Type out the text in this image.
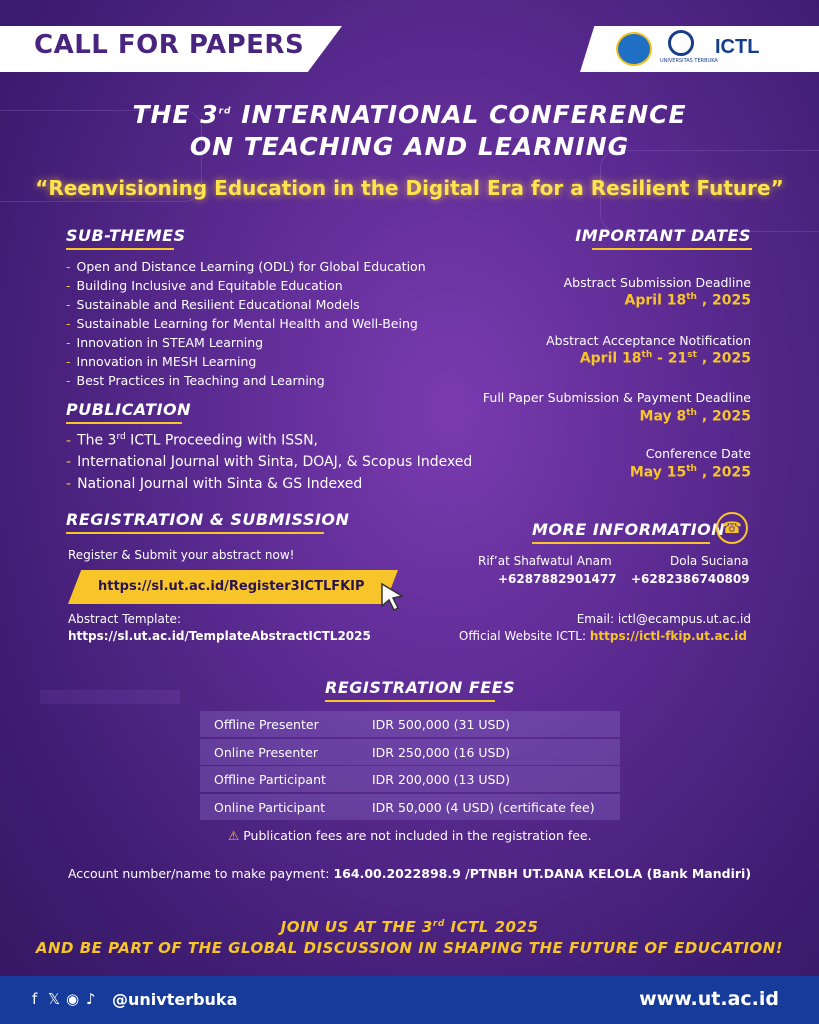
CALL FOR PAPERS
UNIVERSITAS TERBUKA
ICTL
THE 3rd INTERNATIONAL CONFERENCE
ON TEACHING AND LEARNING
“Reenvisioning Education in the Digital Era for a Resilient Future”
SUB-THEMES
- Open and Distance Learning (ODL) for Global Education
- Building Inclusive and Equitable Education
- Sustainable and Resilient Educational Models
- Sustainable Learning for Mental Health and Well-Being
- Innovation in STEAM Learning
- Innovation in MESH Learning
- Best Practices in Teaching and Learning
PUBLICATION
- The 3rd ICTL Proceeding with ISSN,
- International Journal with Sinta, DOAJ, & Scopus Indexed
- National Journal with Sinta & GS Indexed
IMPORTANT DATES
Abstract Submission Deadline
April 18th , 2025
Abstract Acceptance Notification
April 18th - 21st , 2025
Full Paper Submission & Payment Deadline
May 8th , 2025
Conference Date
May 15th , 2025
REGISTRATION & SUBMISSION
Register & Submit your abstract now!
https://sl.ut.ac.id/Register3ICTLFKIP
Abstract Template:
https://sl.ut.ac.id/TemplateAbstractICTL2025
MORE INFORMATION
☎
Rif’at Shafwatul Anam
+6287882901477
Dola Suciana
+6282386740809
Email: ictl@ecampus.ut.ac.id
Official Website ICTL: https://ictl-fkip.ut.ac.id
REGISTRATION FEES
Offline Presenter	IDR 500,000 (31 USD)
Online Presenter	IDR 250,000 (16 USD)
Offline Participant	IDR 200,000 (13 USD)
Online Participant	IDR 50,000 (4 USD) (certificate fee)
⚠ Publication fees are not included in the registration fee.
Account number/name to make payment: 164.00.2022898.9 /PTNBH UT.DANA KELOLA (Bank Mandiri)
JOIN US AT THE 3rd ICTL 2025
AND BE PART OF THE GLOBAL DISCUSSION IN SHAPING THE FUTURE OF EDUCATION!
f 𝕏 ◉ ♪ @univterbuka	www.ut.ac.id
